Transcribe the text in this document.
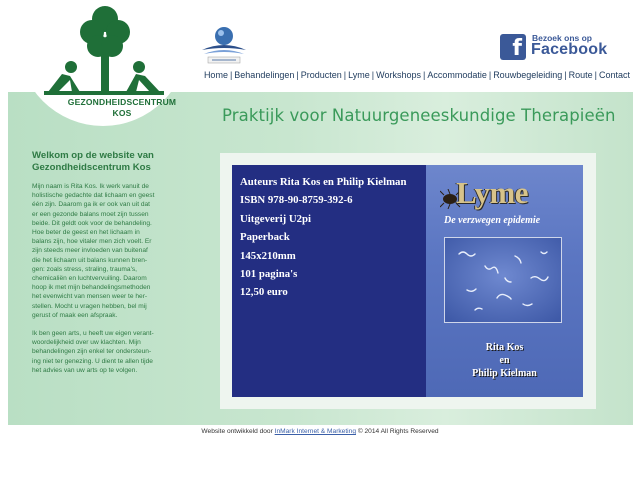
GEZONDHEIDSCENTRUM
KOS
f	Bezoek ons op
Facebook
Home | Behandelingen | Producten | Lyme | Workshops | Accommodatie | Rouwbegeleiding | Route | Contact
Praktijk voor Natuurgeneeskundige Therapieën
Welkom op de website van
Gezondheidscentrum Kos

Mijn naam is Rita Kos. Ik werk vanuit de
holistische gedachte dat lichaam en geest
één zijn. Daarom ga ik er ook van uit dat
er een gezonde balans moet zijn tussen
beide. Dit geldt ook voor de behandeling.
Hoe beter de geest en het lichaam in
balans zijn, hoe vitaler men zich voelt. Er
zijn steeds meer invloeden van buitenaf
die het lichaam uit balans kunnen bren-
gen: zoals stress, straling, trauma's,
chemicaliën en luchtvervuiling. Daarom
hoop ik met mijn behandelingsmethoden
het evenwicht van mensen weer te her-
stellen. Mocht u vragen hebben, bel mij
gerust of maak een afspraak.

Ik ben geen arts, u heeft uw eigen verant-
woordelijkheid over uw klachten. Mijn
behandelingen zijn enkel ter ondersteun-
ing niet ter genezing. U dient te allen tijde
het advies van uw arts op te volgen.

Auteurs Rita Kos en Philip Kielman
ISBN 978-90-8759-392-6
Uitgeverij U2pi
Paperback
145x210mm
101 pagina's
12,50 euro
Lyme
De verzwegen epidemie
Rita Kos
en
Philip Kielman
Website ontwikkeld door InMark Internet & Marketing © 2014 All Rights Reserved
